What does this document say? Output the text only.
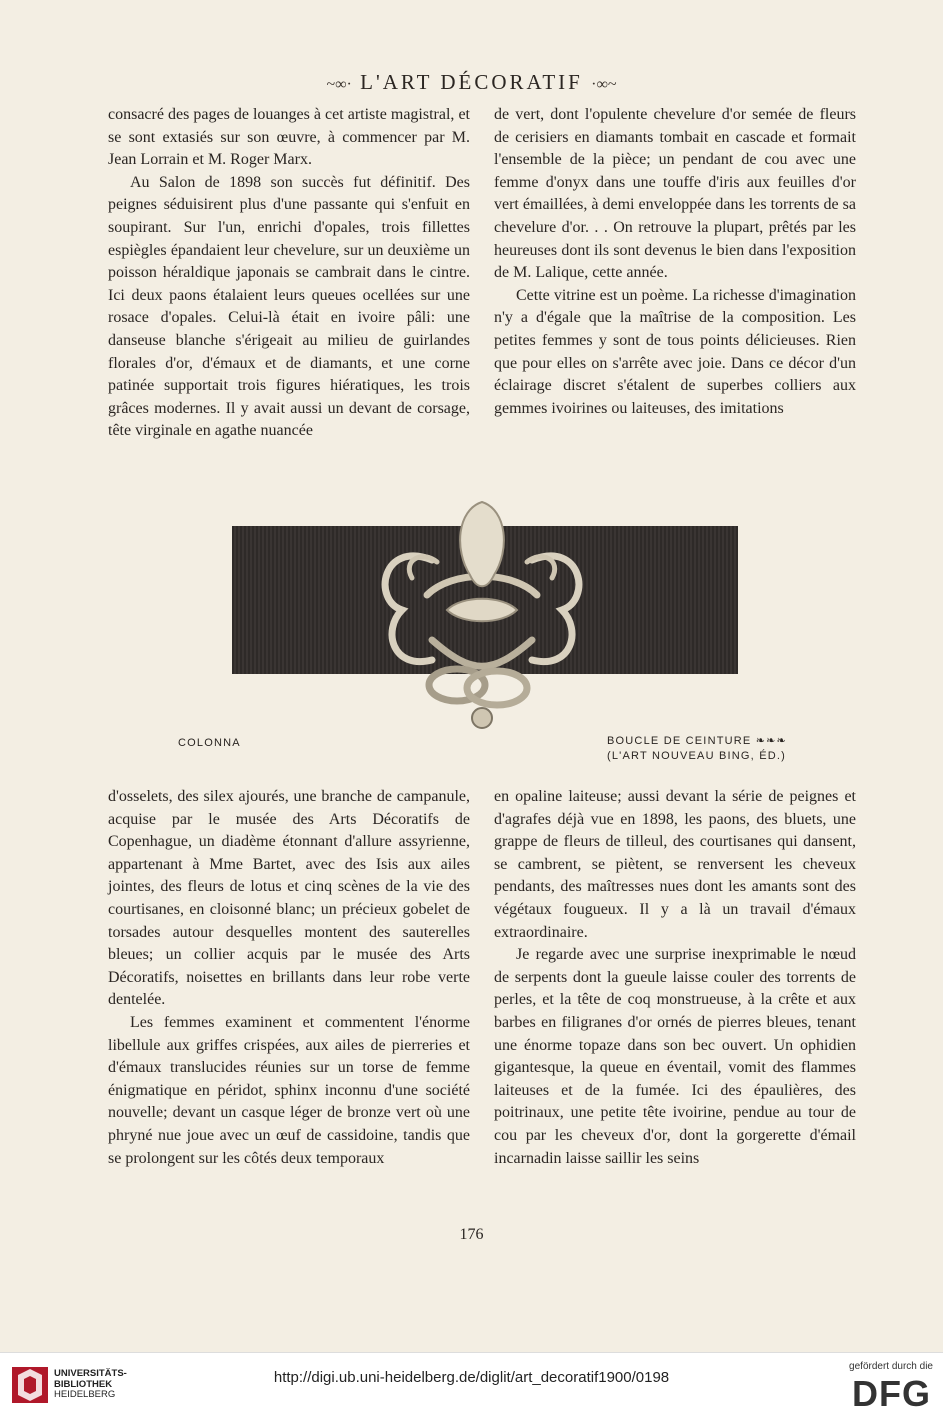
~∞· L'ART DÉCORATIF ·∞~

consacré des pages de louanges à cet artiste magistral, et se sont extasiés sur son œuvre, à commencer par M. Jean Lorrain et M. Roger Marx.

Au Salon de 1898 son succès fut définitif. Des peignes séduisirent plus d'une passante qui s'enfuit en soupirant. Sur l'un, enrichi d'opales, trois fillettes espiègles épandaient leur chevelure, sur un deuxième un poisson héraldique japonais se cambrait dans le cintre. Ici deux paons étalaient leurs queues ocellées sur une rosace d'opales. Celui-là était en ivoire pâli: une danseuse blanche s'érigeait au milieu de guirlandes florales d'or, d'émaux et de diamants, et une corne patinée supportait trois figures hiératiques, les trois grâces modernes. Il y avait aussi un devant de corsage, tête virginale en agathe nuancée

de vert, dont l'opulente chevelure d'or semée de fleurs de cerisiers en diamants tombait en cascade et formait l'ensemble de la pièce; un pendant de cou avec une femme d'onyx dans une touffe d'iris aux feuilles d'or vert émaillées, à demi enveloppée dans les torrents de sa chevelure d'or. . . On retrouve la plupart, prêtés par les heureuses dont ils sont devenus le bien dans l'exposition de M. Lalique, cette année.

Cette vitrine est un poème. La richesse d'imagination n'y a d'égale que la maîtrise de la composition. Les petites femmes y sont de tous points délicieuses. Rien que pour elles on s'arrête avec joie. Dans ce décor d'un éclairage discret s'étalent de superbes colliers aux gemmes ivoirines ou laiteuses, des imitations

COLONNA	BOUCLE DE CEINTURE ❧❧❧
(L'ART NOUVEAU BING, ÉD.)

d'osselets, des silex ajourés, une branche de campanule, acquise par le musée des Arts Décoratifs de Copenhague, un diadème étonnant d'allure assyrienne, appartenant à Mme Bartet, avec des Isis aux ailes jointes, des fleurs de lotus et cinq scènes de la vie des courtisanes, en cloisonné blanc; un précieux gobelet de torsades autour desquelles montent des sauterelles bleues; un collier acquis par le musée des Arts Décoratifs, noisettes en brillants dans leur robe verte dentelée.

Les femmes examinent et commentent l'énorme libellule aux griffes crispées, aux ailes de pierreries et d'émaux translucides réunies sur un torse de femme énigmatique en péridot, sphinx inconnu d'une société nouvelle; devant un casque léger de bronze vert où une phryné nue joue avec un œuf de cassidoine, tandis que se prolongent sur les côtés deux temporaux

en opaline laiteuse; aussi devant la série de peignes et d'agrafes déjà vue en 1898, les paons, des bluets, une grappe de fleurs de tilleul, des courtisanes qui dansent, se cambrent, se piètent, se renversent les cheveux pendants, des maîtresses nues dont les amants sont des végétaux fougueux. Il y a là un travail d'émaux extraordinaire.

Je regarde avec une surprise inexprimable le nœud de serpents dont la gueule laisse couler des torrents de perles, et la tête de coq monstrueuse, à la crête et aux barbes en filigranes d'or ornés de pierres bleues, tenant une énorme topaze dans son bec ouvert. Un ophidien gigantesque, la queue en éventail, vomit des flammes laiteuses et de la fumée. Ici des épaulières, des poitrinaux, une petite tête ivoirine, pendue au tour de cou par les cheveux d'or, dont la gorgerette d'émail incarnadin laisse saillir les seins

176
UNIVERSITÄTS-
BIBLIOTHEK
HEIDELBERG
http://digi.ub.uni-heidelberg.de/diglit/art_decoratif1900/0198
gefördert durch die
DFG
